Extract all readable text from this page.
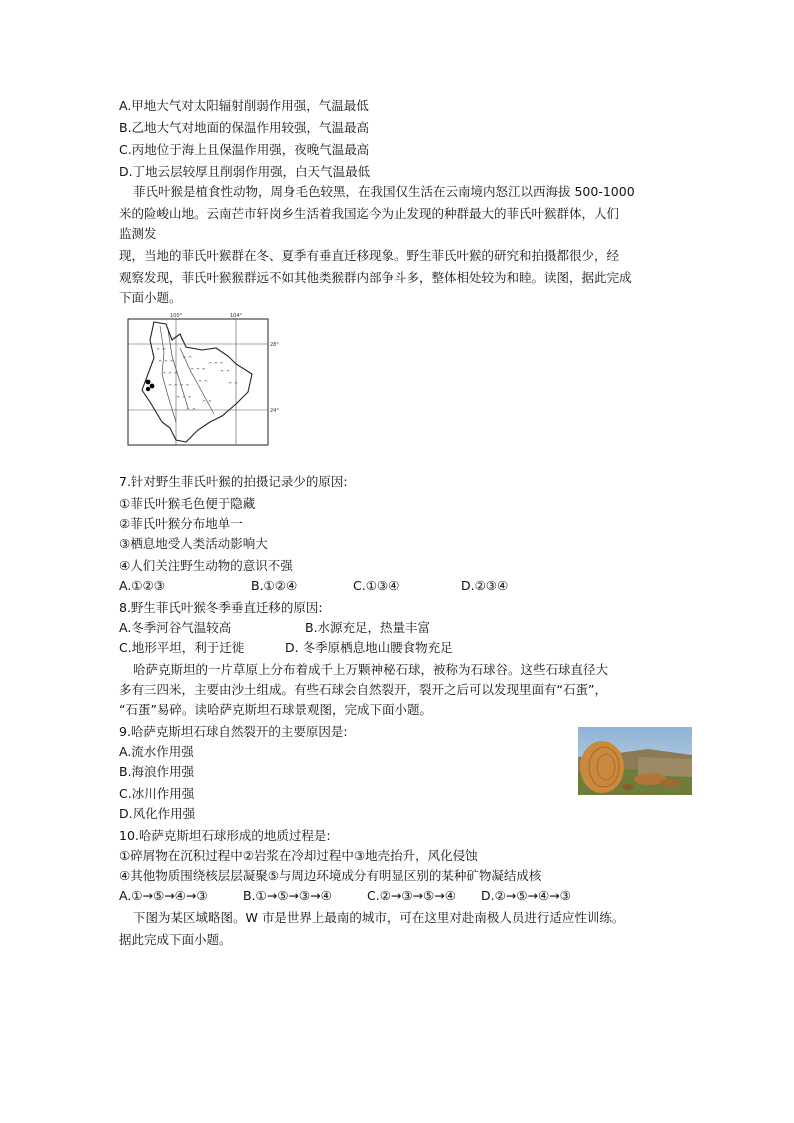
A.甲地大气对太阳辐射削弱作用强，气温最低
B.乙地大气对地面的保温作用较强，气温最高
C.丙地位于海上且保温作用强，夜晚气温最高
D.丁地云层较厚且削弱作用强，白天气温最低
菲氏叶猴是植食性动物，周身毛色较黑，在我国仅生活在云南境内怒江以西海拔 500-1000
米的险峻山地。云南芒市轩岗乡生活着我国迄今为止发现的种群最大的菲氏叶猴群体，人们
监测发
现，当地的菲氏叶猴群在冬、夏季有垂直迁移现象。野生菲氏叶猴的研究和拍摄都很少，经
观察发现，菲氏叶猴猴群远不如其他类猴群内部争斗多，整体相处较为和睦。读图，据此完成
下面小题。
100°	104°
28°
24°
^ ^
^ ^ ^
^ ^ ^
^ ^ ^ ^
^ ^ ^
^ ^
^ ^ ^
^ ^
^ ^ ^
^ ^
^ ^
^ ^
^ ^
7.针对野生菲氏叶猴的拍摄记录少的原因:
①菲氏叶猴毛色便于隐藏
②菲氏叶猴分布地单一
③栖息地受人类活动影响大
④人们关注野生动物的意识不强
A.①②③	B.①②④	C.①③④	D.②③④
8.野生菲氏叶猴冬季垂直迁移的原因:
A.冬季河谷气温较高	B.水源充足，热量丰富
C.地形平坦，利于迁徙	D. 冬季原栖息地山腰食物充足
哈萨克斯坦的一片草原上分布着成千上万颗神秘石球，被称为石球谷。这些石球直径大
多有三四米，主要由沙土组成。有些石球会自然裂开，裂开之后可以发现里面有“石蛋”，
“石蛋”易碎。读哈萨克斯坦石球景观图，完成下面小题。
9.哈萨克斯坦石球自然裂开的主要原因是:
A.流水作用强
B.海浪作用强
C.冰川作用强
D.风化作用强
10.哈萨克斯坦石球形成的地质过程是:
①碎屑物在沉积过程中②岩浆在冷却过程中③地壳抬升，风化侵蚀
④其他物质围绕核层层凝聚⑤与周边环境成分有明显区别的某种矿物凝结成核
A.①→⑤→④→③	B.①→⑤→③→④	C.②→③→⑤→④ D.②→⑤→④→③
下图为某区域略图。W 市是世界上最南的城市，可在这里对赴南极人员进行适应性训练。
据此完成下面小题。
